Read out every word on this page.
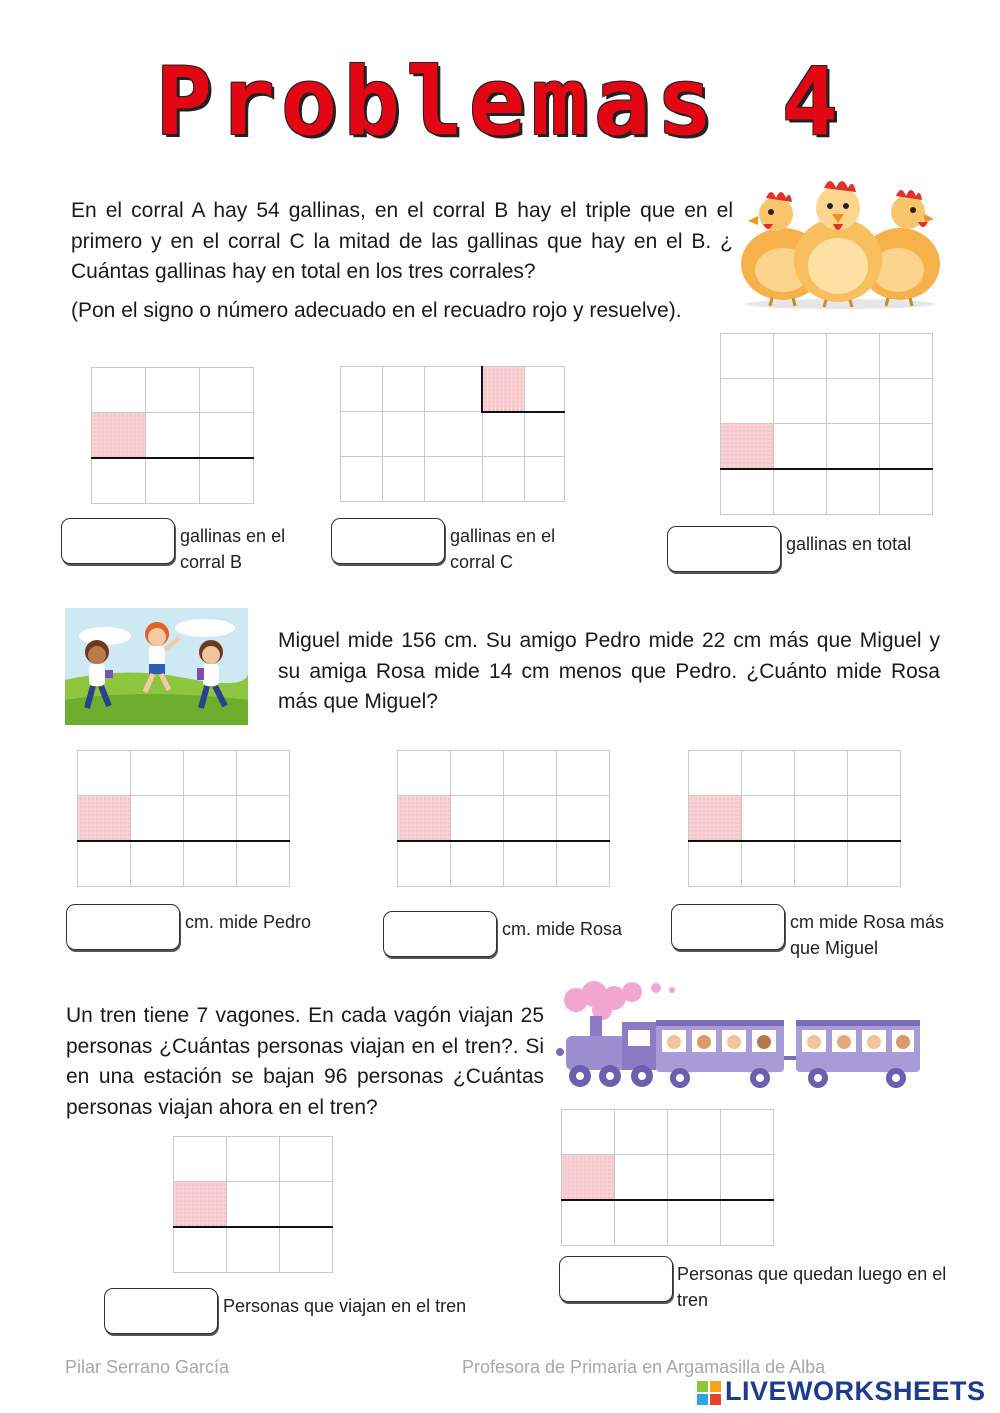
Problemas 4
En el corral A hay 54 gallinas, en el corral B hay el triple que en el primero y en el corral C la mitad de las gallinas que hay en el B. ¿ Cuántas gallinas hay en total en los tres corrales?
(Pon el signo o número adecuado en el recuadro rojo y resuelve).

gallinas en el corral B
gallinas en el corral C
gallinas en total
Miguel mide 156 cm. Su amigo Pedro mide 22 cm más que Miguel y su amiga Rosa mide 14 cm menos que Pedro. ¿Cuánto mide Rosa más que Miguel?

cm. mide Pedro	cm. mide Rosa	cm mide Rosa más que Miguel
Un tren tiene 7 vagones. En cada vagón viajan 25 personas ¿Cuántas personas viajan en el tren?. Si en una estación se bajan 96 personas ¿Cuántas personas viajan ahora en el tren?

Personas que viajan en el tren
Personas que quedan luego en el tren
Pilar Serrano García	Profesora de Primaria en Argamasilla de Alba
LIVEWORKSHEETS
